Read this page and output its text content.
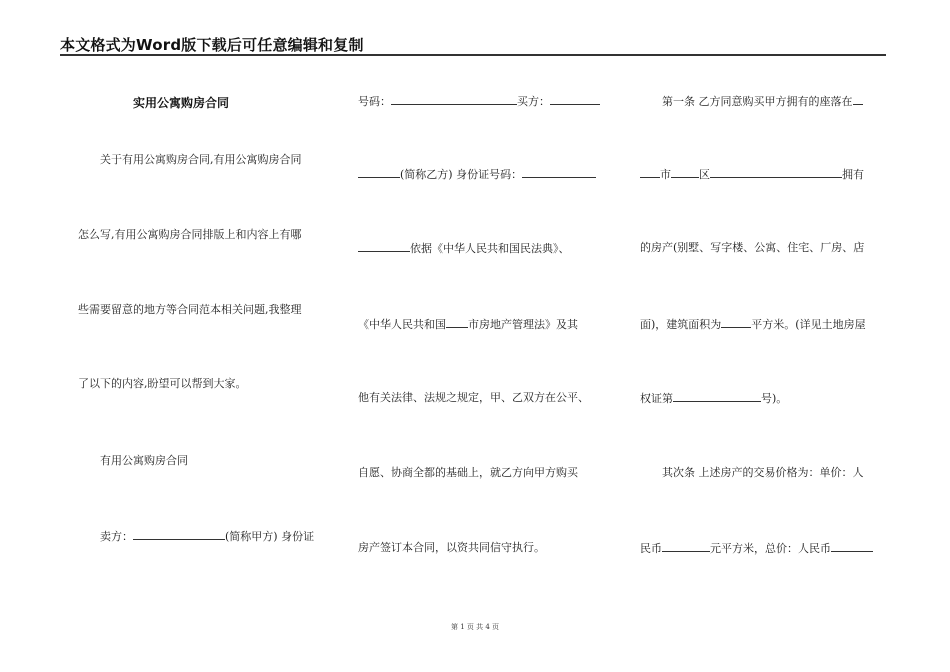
本文格式为Word版下载后可任意编辑和复制
实用公寓购房合同
关于有用公寓购房合同,有用公寓购房合同
怎么写,有用公寓购房合同排版上和内容上有哪
些需要留意的地方等合同范本相关问题,我整理
了以下的内容,盼望可以帮到大家。
有用公寓购房合同
卖方：	(简称甲方) 身份证
号码：	买方：
(简称乙方) 身份证号码：
依据《中华人民共和国民法典》、
《中华人民共和国 市房地产管理法》及其
他有关法律、法规之规定，甲、乙双方在公平、
自愿、协商全都的基础上，就乙方向甲方购买
房产签订本合同，以资共同信守执行。
第一条 乙方同意购买甲方拥有的座落在
市	区	拥有
的房产(别墅、写字楼、公寓、住宅、厂房、店
面)，建筑面积为	平方米。(详见土地房屋
权证第	号)。
其次条 上述房产的交易价格为：单价：人
民币	元平方米，总价：人民币
第 1 页 共 4 页
